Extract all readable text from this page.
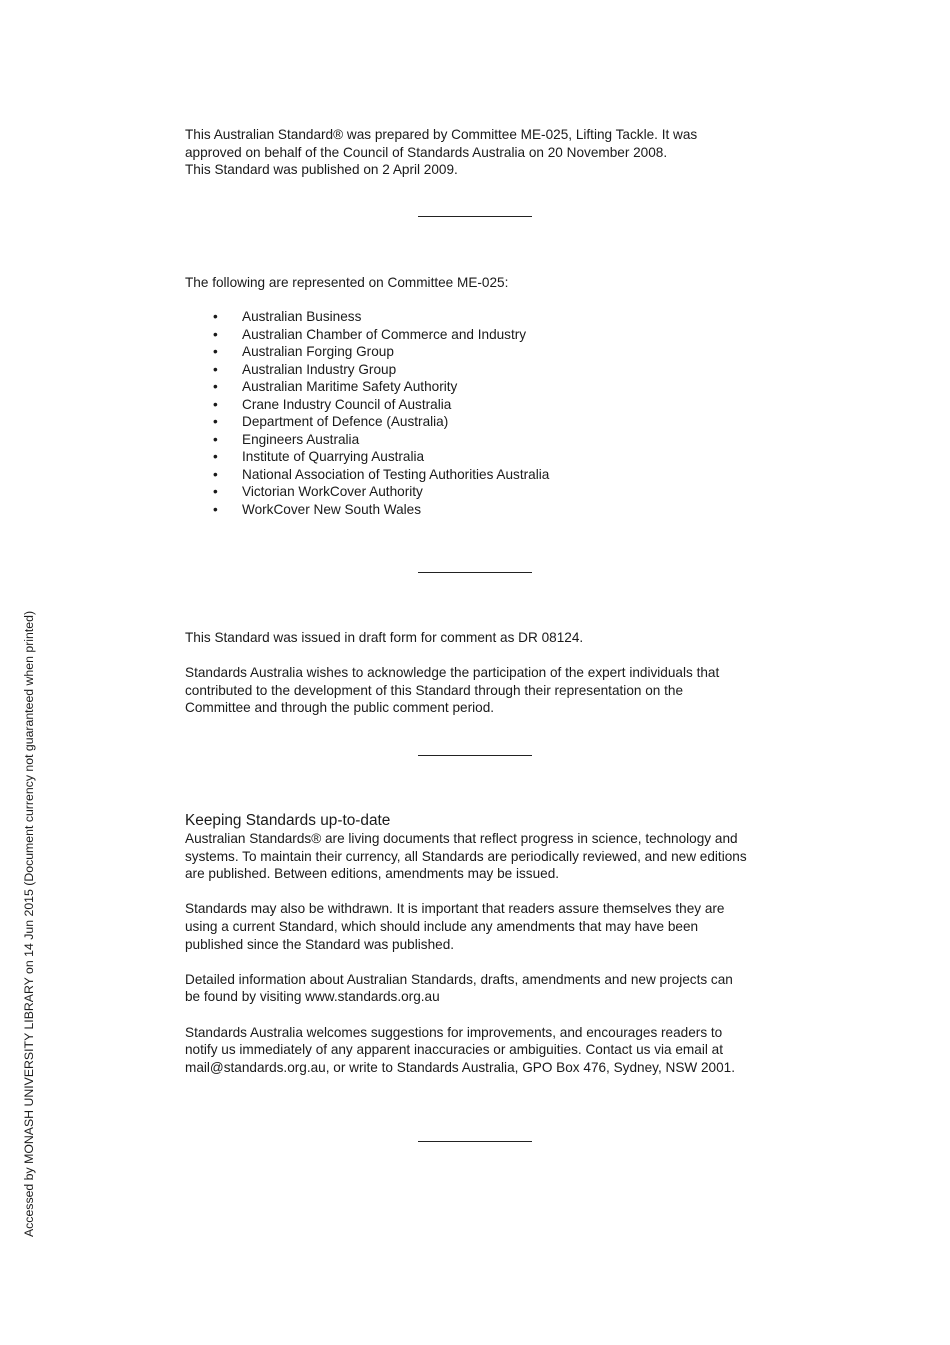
Accessed by MONASH UNIVERSITY LIBRARY on 14 Jun 2015 (Document currency not guaranteed when printed)
This Australian Standard® was prepared by Committee ME-025, Lifting Tackle. It was
approved on behalf of the Council of Standards Australia on 20 November 2008.
This Standard was published on 2 April 2009.
The following are represented on Committee ME-025:
• Australian Business
• Australian Chamber of Commerce and Industry
• Australian Forging Group
• Australian Industry Group
• Australian Maritime Safety Authority
• Crane Industry Council of Australia
• Department of Defence (Australia)
• Engineers Australia
• Institute of Quarrying Australia
• National Association of Testing Authorities Australia
• Victorian WorkCover Authority
• WorkCover New South Wales

This Standard was issued in draft form for comment as DR 08124.

Standards Australia wishes to acknowledge the participation of the expert individuals that
contributed to the development of this Standard through their representation on the
Committee and through the public comment period.

Keeping Standards up-to-date

Australian Standards® are living documents that reflect progress in science, technology and
systems. To maintain their currency, all Standards are periodically reviewed, and new editions
are published. Between editions, amendments may be issued.

Standards may also be withdrawn. It is important that readers assure themselves they are
using a current Standard, which should include any amendments that may have been
published since the Standard was published.

Detailed information about Australian Standards, drafts, amendments and new projects can
be found by visiting www.standards.org.au

Standards Australia welcomes suggestions for improvements, and encourages readers to
notify us immediately of any apparent inaccuracies or ambiguities. Contact us via email at
mail@standards.org.au, or write to Standards Australia, GPO Box 476, Sydney, NSW 2001.
